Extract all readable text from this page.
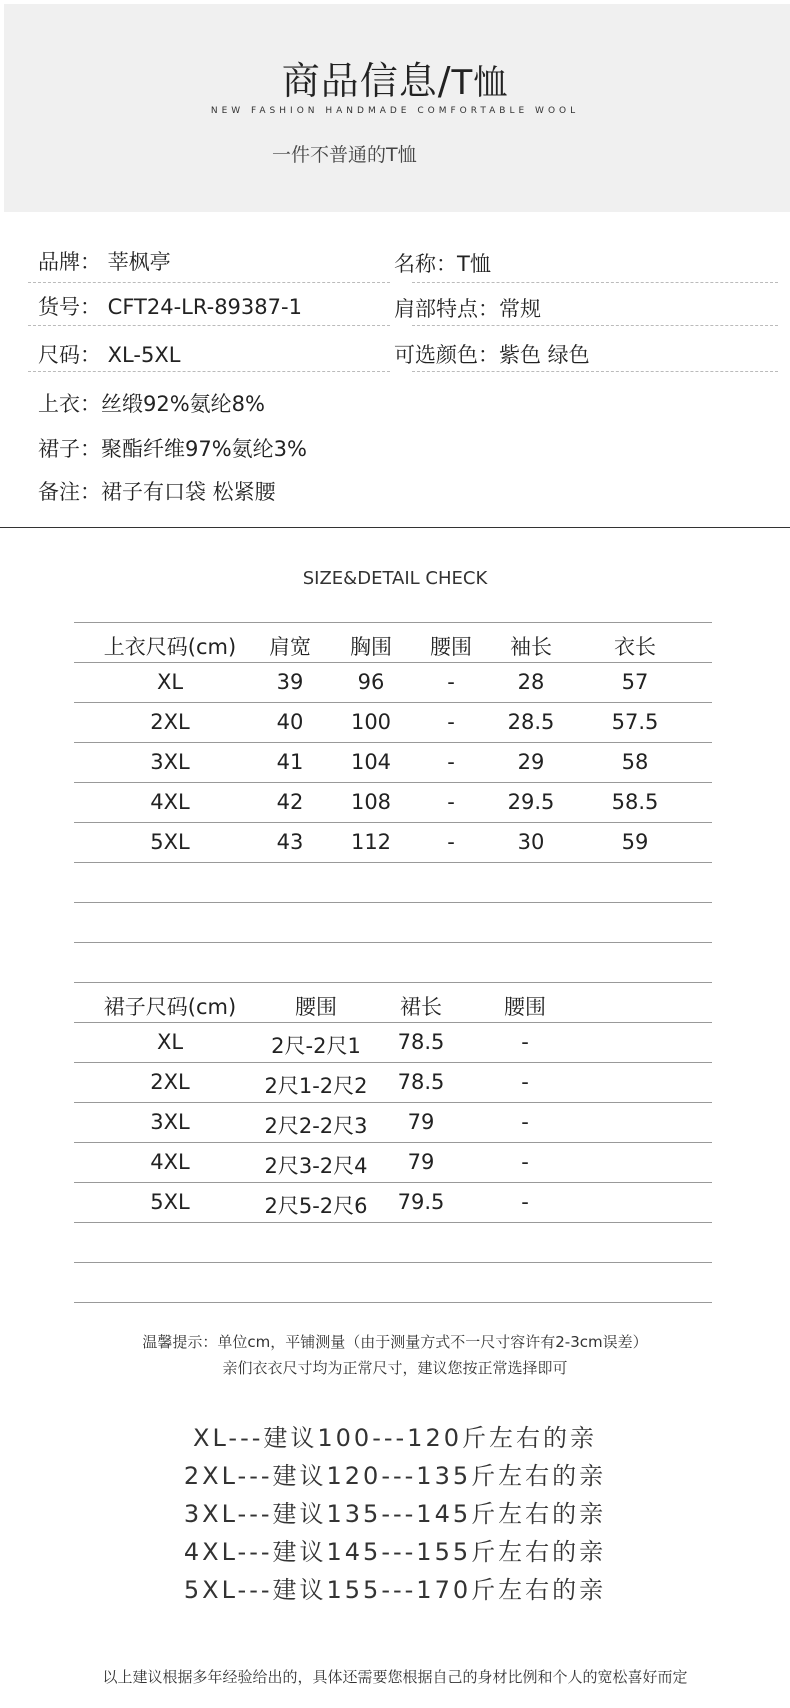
商品信息/T恤
NEW FASHION HANDMADE COMFORTABLE WOOL
一件不普通的T恤
品牌： 莘枫亭	名称：T恤
货号： CFT24-LR-89387-1	肩部特点：常规
尺码： XL-5XL	可选颜色：紫色 绿色
上衣：丝缎92%氨纶8%
裙子：聚酯纤维97%氨纶3%
备注：裙子有口袋 松紧腰
SIZE&DETAIL CHECK
上衣尺码(cm) 肩宽 胸围 腰围 袖长	衣长
XL	39	96	-	28	57
2XL	40 100	-	28.5	57.5
3XL	41 104	-	29	58
4XL	42 108	-	29.5	58.5
5XL	43 112	-	30	59
裙子尺码(cm)	腰围	裙长	腰围
XL	2尺-2尺1 78.5	-
2XL	2尺1-2尺2 78.5	-
3XL	2尺2-2尺3 79	-
4XL	2尺3-2尺4 79	-
5XL	2尺5-2尺6 79.5	-
温馨提示：单位cm，平铺测量（由于测量方式不一尺寸容许有2-3cm误差）
亲们衣衣尺寸均为正常尺寸，建议您按正常选择即可
XL---建议100---120斤左右的亲
2XL---建议120---135斤左右的亲
3XL---建议135---145斤左右的亲
4XL---建议145---155斤左右的亲
5XL---建议155---170斤左右的亲
以上建议根据多年经验给出的，具体还需要您根据自己的身材比例和个人的宽松喜好而定
